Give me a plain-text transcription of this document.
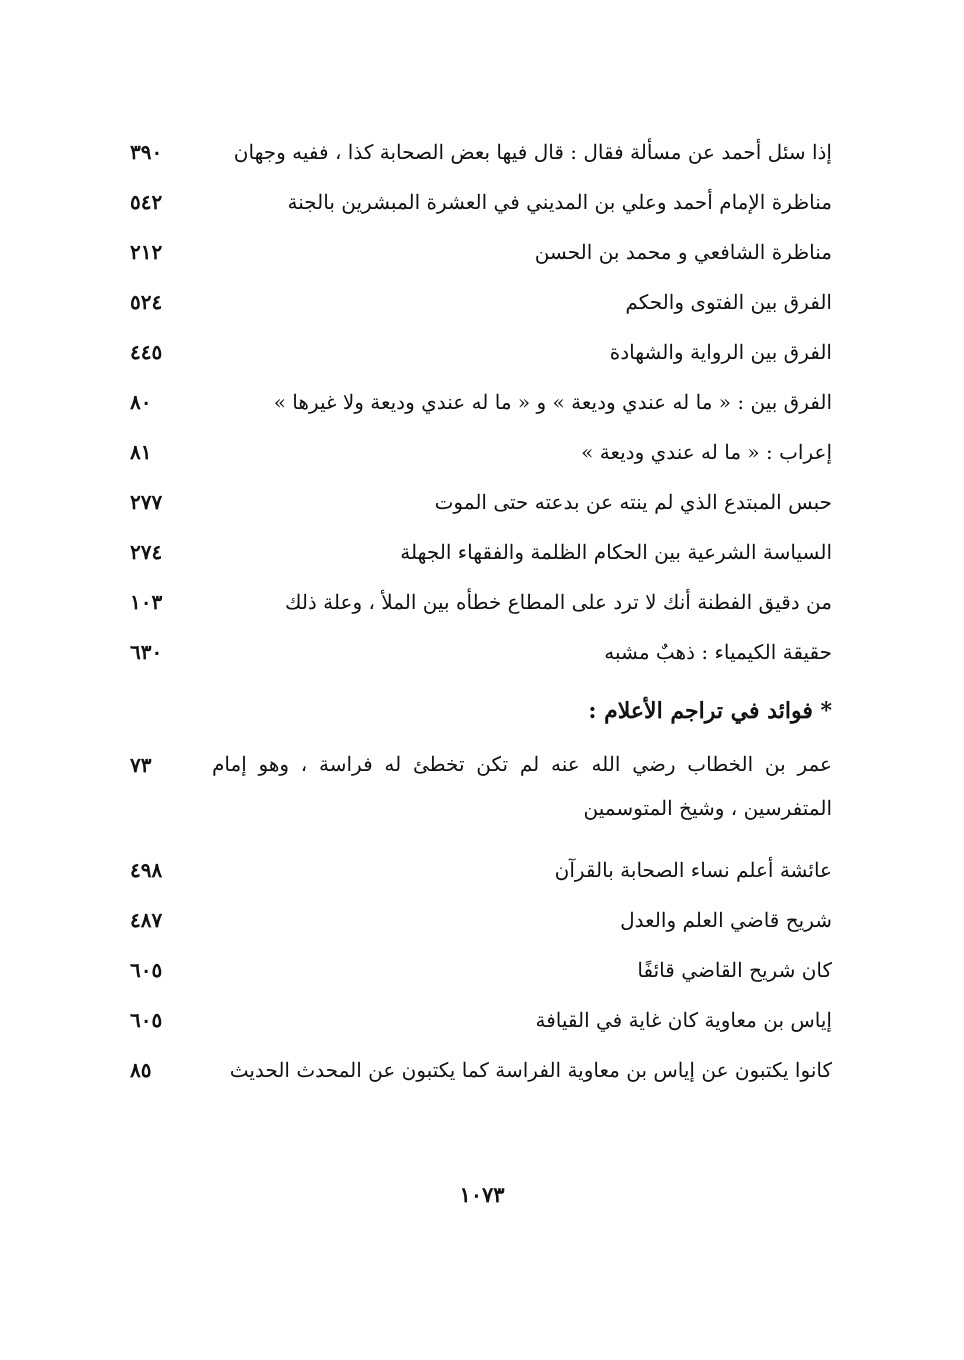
إذا سئل أحمد عن مسألة فقال : قال فيها بعض الصحابة كذا ، ففيه وجهان
٣٩٠
مناظرة الإمام أحمد وعلي بن المديني في العشرة المبشرين بالجنة
٥٤٢
مناظرة الشافعي و محمد بن الحسن
٢١٢
الفرق بين الفتوى والحكم
٥٢٤
الفرق بين الرواية والشهادة
٤٤٥
الفرق بين : « ما له عندي وديعة » و « ما له عندي وديعة ولا غيرها »
٨٠
إعراب : « ما له عندي وديعة »
٨١
حبس المبتدع الذي لم ينته عن بدعته حتى الموت
٢٧٧
السياسة الشرعية بين الحكام الظلمة والفقهاء الجهلة
٢٧٤
من دقيق الفطنة أنك لا ترد على المطاع خطأه بين الملأ ، وعلة ذلك
١٠٣
حقيقة الكيمياء : ذهبٌ مشبه
٦٣٠
* فوائد في تراجم الأعلام :
عمر بن الخطاب رضي الله عنه لم تكن تخطئ له فراسة ، وهو إمام المتفرسين ، وشيخ المتوسمين
٧٣
عائشة أعلم نساء الصحابة بالقرآن
٤٩٨
شريح قاضي العلم والعدل
٤٨٧
كان شريح القاضي قائفًا
٦٠٥
إياس بن معاوية كان غاية في القيافة
٦٠٥
كانوا يكتبون عن إياس بن معاوية الفراسة كما يكتبون عن المحدث الحديث
٨٥
١٠٧٣
